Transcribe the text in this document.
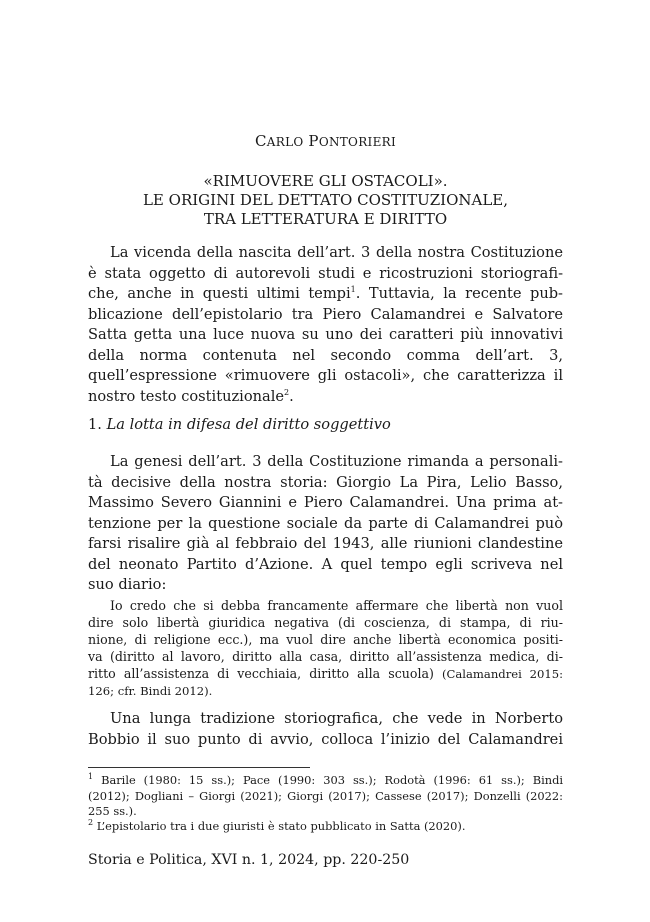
CARLO PONTORIERI
«RIMUOVERE GLI OSTACOLI».
LE ORIGINI DEL DETTATO COSTITUZIONALE,
TRA LETTERATURA E DIRITTO
La vicenda della nascita dell’art. 3 della nostra Costituzione
è stata oggetto di autorevoli studi e ricostruzioni storiografi-
che, anche in questi ultimi tempi$^1$. Tuttavia, la recente pub-
blicazione dell’epistolario tra Piero Calamandrei e Salvatore
Satta getta una luce nuova su uno dei caratteri più innovativi
della norma contenuta nel secondo comma dell’art. 3,
quell’espressione «rimuovere gli ostacoli», che caratterizza il
nostro testo costituzionale$^2$.
1. La lotta in difesa del diritto soggettivo
La genesi dell’art. 3 della Costituzione rimanda a personali-
tà decisive della nostra storia: Giorgio La Pira, Lelio Basso,
Massimo Severo Giannini e Piero Calamandrei. Una prima at-
tenzione per la questione sociale da parte di Calamandrei può
farsi risalire già al febbraio del 1943, alle riunioni clandestine
del neonato Partito d’Azione. A quel tempo egli scriveva nel
suo diario:
Io credo che si debba francamente affermare che libertà non vuol
dire solo libertà giuridica negativa (di coscienza, di stampa, di riu-
nione, di religione ecc.), ma vuol dire anche libertà economica positi-
va (diritto al lavoro, diritto alla casa, diritto all’assistenza medica, di-
ritto all’assistenza di vecchiaia, diritto alla scuola) (Calamandrei 2015:
126; cfr. Bindi 2012).
Una lunga tradizione storiografica, che vede in Norberto
Bobbio il suo punto di avvio, colloca l’inizio del Calamandrei
$^1$ Barile (1980: 15 ss.); Pace (1990: 303 ss.); Rodotà (1996: 61 ss.); Bindi
(2012); Dogliani – Giorgi (2021); Giorgi (2017); Cassese (2017); Donzelli (2022:
255 ss.).
$^2$ L’epistolario tra i due giuristi è stato pubblicato in Satta (2020).
Storia e Politica, XVI n. 1, 2024, pp. 220-250
